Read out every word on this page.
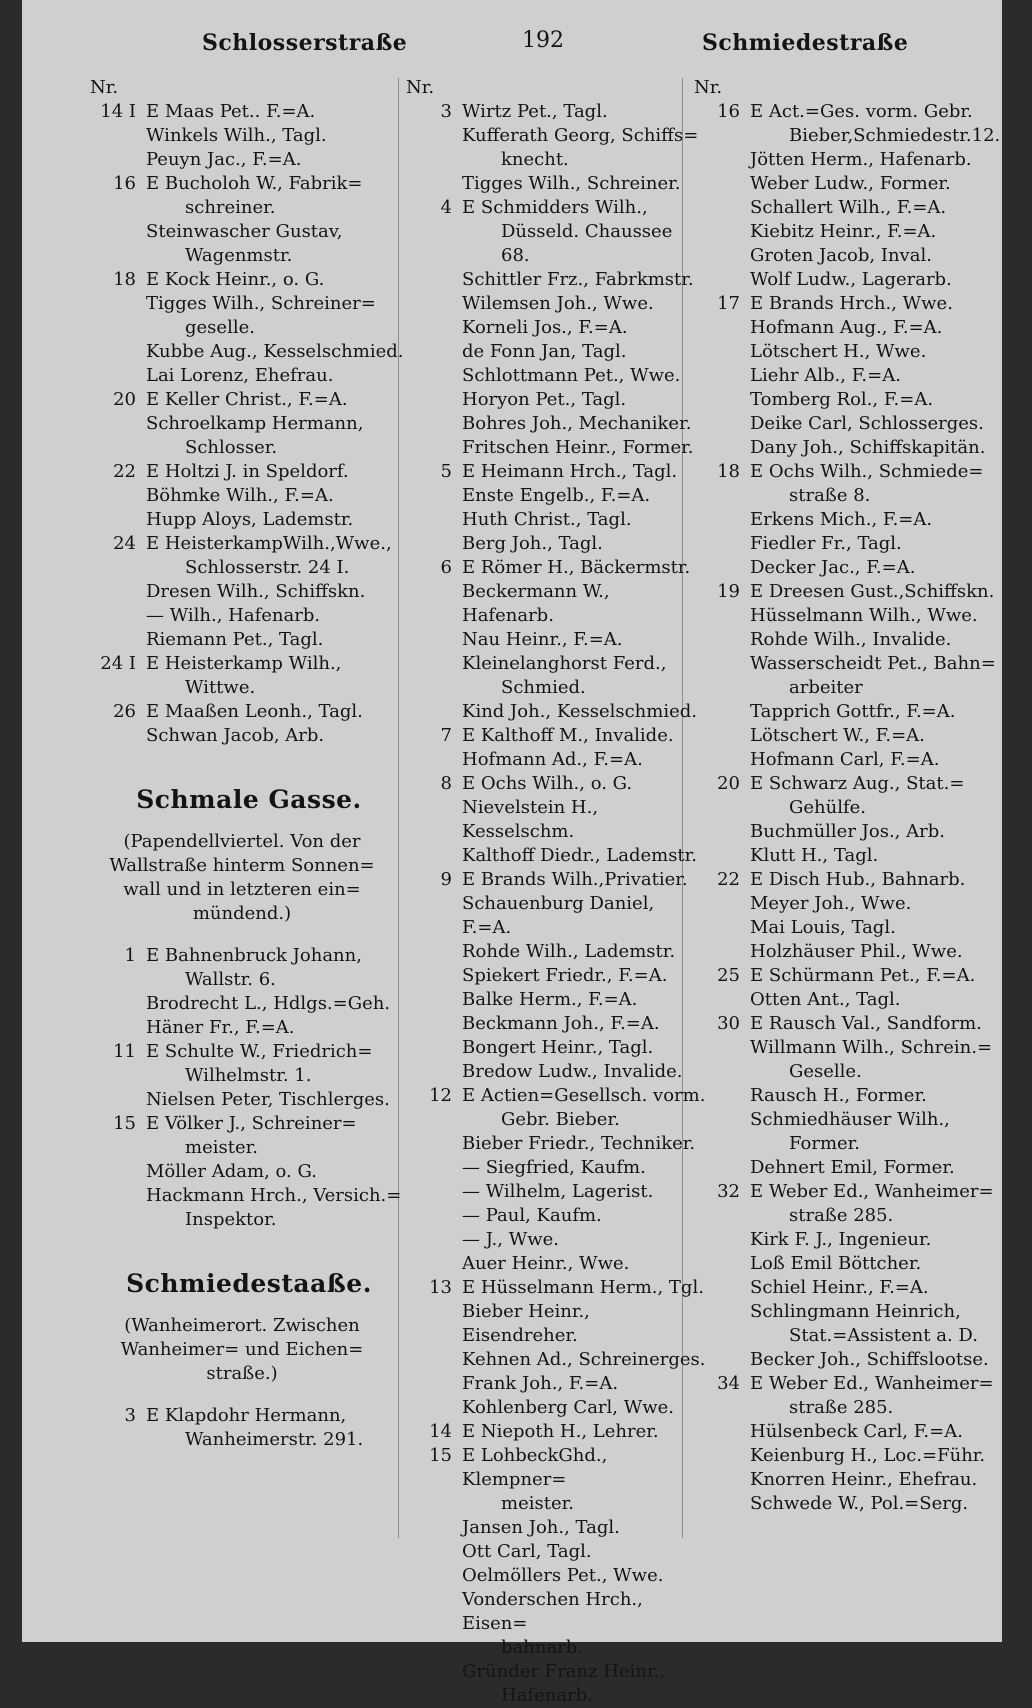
Schlosserstraße	192	Schmiedestraße
Nr.
14 I E Maas Pet.. F.=A.
Winkels Wilh., Tagl.
Peuyn Jac., F.=A.
16 E Bucholoh W., Fabrik=
schreiner.
Steinwascher Gustav,
Wagenmstr.
18 E Kock Heinr., o. G.
Tigges Wilh., Schreiner=
geselle.
Kubbe Aug., Kesselschmied.
Lai Lorenz, Ehefrau.
20 E Keller Christ., F.=A.
Schroelkamp Hermann,
Schlosser.
22 E Holtzi J. in Speldorf.
Böhmke Wilh., F.=A.
Hupp Aloys, Lademstr.
24 E HeisterkampWilh.,Wwe.,
Schlosserstr. 24 I.
Dresen Wilh., Schiffskn.
— Wilh., Hafenarb.
Riemann Pet., Tagl.
24 I E Heisterkamp Wilh.,
Wittwe.
26 E Maaßen Leonh., Tagl.
Schwan Jacob, Arb.
Schmale Gasse.
(Papendellviertel. Von der
Wallstraße hinterm Sonnen=
wall und in letzteren ein=
mündend.)
1 E Bahnenbruck Johann,
Wallstr. 6.
Brodrecht L., Hdlgs.=Geh.
Häner Fr., F.=A.
11 E Schulte W., Friedrich=
Wilhelmstr. 1.
Nielsen Peter, Tischlerges.
15 E Völker J., Schreiner=
meister.
Möller Adam, o. G.
Hackmann Hrch., Versich.=
Inspektor.
Schmiedestaaße.
(Wanheimerort. Zwischen
Wanheimer= und Eichen=
straße.)
3 E Klapdohr Hermann,
Wanheimerstr. 291.
Nr.
3 Wirtz Pet., Tagl.
Kufferath Georg, Schiffs=
knecht.
Tigges Wilh., Schreiner.
4 E Schmidders Wilh.,
Düsseld. Chaussee 68.
Schittler Frz., Fabrkmstr.
Wilemsen Joh., Wwe.
Korneli Jos., F.=A.
de Fonn Jan, Tagl.
Schlottmann Pet., Wwe.
Horyon Pet., Tagl.
Bohres Joh., Mechaniker.
Fritschen Heinr., Former.
5 E Heimann Hrch., Tagl.
Enste Engelb., F.=A.
Huth Christ., Tagl.
Berg Joh., Tagl.
6 E Römer H., Bäckermstr.
Beckermann W., Hafenarb.
Nau Heinr., F.=A.
Kleinelanghorst Ferd.,
Schmied.
Kind Joh., Kesselschmied.
7 E Kalthoff M., Invalide.
Hofmann Ad., F.=A.
8 E Ochs Wilh., o. G.
Nievelstein H., Kesselschm.
Kalthoff Diedr., Lademstr.
9 E Brands Wilh.,Privatier.
Schauenburg Daniel, F.=A.
Rohde Wilh., Lademstr.
Spiekert Friedr., F.=A.
Balke Herm., F.=A.
Beckmann Joh., F.=A.
Bongert Heinr., Tagl.
Bredow Ludw., Invalide.
12 E Actien=Gesellsch. vorm.
Gebr. Bieber.
Bieber Friedr., Techniker.
— Siegfried, Kaufm.
— Wilhelm, Lagerist.
— Paul, Kaufm.
— J., Wwe.
Auer Heinr., Wwe.
13 E Hüsselmann Herm., Tgl.
Bieber Heinr., Eisendreher.
Kehnen Ad., Schreinerges.
Frank Joh., F.=A.
Kohlenberg Carl, Wwe.
14 E Niepoth H., Lehrer.
15 E LohbeckGhd., Klempner=
meister.
Jansen Joh., Tagl.
Ott Carl, Tagl.
Oelmöllers Pet., Wwe.
Vonderschen Hrch., Eisen=
bahnarb.
Gründer Franz Heinr.,
Hafenarb.
Nr.
16 E Act.=Ges. vorm. Gebr.
Bieber,Schmiedestr.12.
Jötten Herm., Hafenarb.
Weber Ludw., Former.
Schallert Wilh., F.=A.
Kiebitz Heinr., F.=A.
Groten Jacob, Inval.
Wolf Ludw., Lagerarb.
17 E Brands Hrch., Wwe.
Hofmann Aug., F.=A.
Lötschert H., Wwe.
Liehr Alb., F.=A.
Tomberg Rol., F.=A.
Deike Carl, Schlosserges.
Dany Joh., Schiffskapitän.
18 E Ochs Wilh., Schmiede=
straße 8.
Erkens Mich., F.=A.
Fiedler Fr., Tagl.
Decker Jac., F.=A.
19 E Dreesen Gust.,Schiffskn.
Hüsselmann Wilh., Wwe.
Rohde Wilh., Invalide.
Wasserscheidt Pet., Bahn=
arbeiter
Tapprich Gottfr., F.=A.
Lötschert W., F.=A.
Hofmann Carl, F.=A.
20 E Schwarz Aug., Stat.=
Gehülfe.
Buchmüller Jos., Arb.
Klutt H., Tagl.
22 E Disch Hub., Bahnarb.
Meyer Joh., Wwe.
Mai Louis, Tagl.
Holzhäuser Phil., Wwe.
25 E Schürmann Pet., F.=A.
Otten Ant., Tagl.
30 E Rausch Val., Sandform.
Willmann Wilh., Schrein.=
Geselle.
Rausch H., Former.
Schmiedhäuser Wilh.,
Former.
Dehnert Emil, Former.
32 E Weber Ed., Wanheimer=
straße 285.
Kirk F. J., Ingenieur.
Loß Emil Böttcher.
Schiel Heinr., F.=A.
Schlingmann Heinrich,
Stat.=Assistent a. D.
Becker Joh., Schiffslootse.
34 E Weber Ed., Wanheimer=
straße 285.
Hülsenbeck Carl, F.=A.
Keienburg H., Loc.=Führ.
Knorren Heinr., Ehefrau.
Schwede W., Pol.=Serg.
